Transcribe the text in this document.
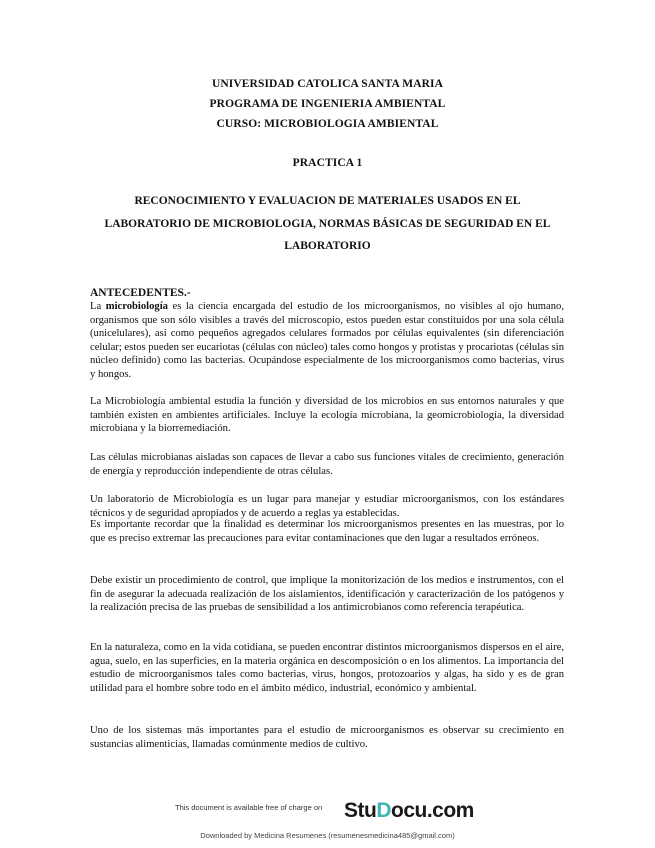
UNIVERSIDAD CATOLICA SANTA MARIA
PROGRAMA DE INGENIERIA AMBIENTAL
CURSO: MICROBIOLOGIA AMBIENTAL
PRACTICA 1
RECONOCIMIENTO Y EVALUACION DE MATERIALES USADOS EN EL
LABORATORIO DE MICROBIOLOGIA, NORMAS BÁSICAS DE SEGURIDAD EN EL
LABORATORIO
ANTECEDENTES.-
La microbiología es la ciencia encargada del estudio de los microorganismos, no visibles al ojo humano, organismos que son sólo visibles a través del microscopio, estos pueden estar constituidos por una sola célula (unicelulares), así como pequeños agregados celulares formados por células equivalentes (sin diferenciación celular; estos pueden ser eucariotas (células con núcleo) tales como hongos y protistas y procariotas (células sin núcleo definido) como las bacterias. Ocupándose especialmente de los microorganismos como bacterias, virus y hongos.
La Microbiología ambiental estudia la función y diversidad de los microbios en sus entornos naturales y que también existen en ambientes artificiales. Incluye la ecología microbiana, la geomicrobiología, la diversidad microbiana y la biorremediación.
Las células microbianas aisladas son capaces de llevar a cabo sus funciones vitales de crecimiento, generación de energía y reproducción independiente de otras células.
Un laboratorio de Microbiología es un lugar para manejar y estudiar microorganismos, con los estándares técnicos y de seguridad apropiados y de acuerdo a reglas ya establecidas.
Es importante recordar que la finalidad es determinar los microorganismos presentes en las muestras, por lo que es preciso extremar las precauciones para evitar contaminaciones que den lugar a resultados erróneos.
Debe existir un procedimiento de control, que implique la monitorización de los medios e instrumentos, con el fin de asegurar la adecuada realización de los aislamientos, identificación y caracterización de los patógenos y la realización precisa de las pruebas de sensibilidad a los antimicrobianos como referencia terapéutica.
En la naturaleza, como en la vida cotidiana, se pueden encontrar distintos microorganismos dispersos en el aire, agua, suelo, en las superficies, en la materia orgánica en descomposición o en los alimentos. La importancia del estudio de microorganismos tales como bacterias, virus, hongos, protozoarios y algas, ha sido y es de gran utilidad para el hombre sobre todo en el ámbito médico, industrial, económico y ambiental.
Uno de los sistemas más importantes para el estudio de microorganismos es observar su crecimiento en sustancias alimenticias, llamadas comúnmente medios de cultivo.
This document is available free of charge on StuDocu.com
Downloaded by Medicina Resumenes (resumenesmedicina485@gmail.com)
